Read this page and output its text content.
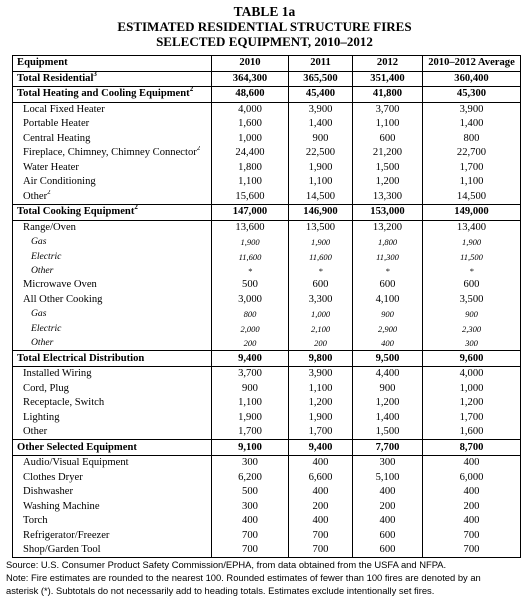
TABLE 1a
ESTIMATED RESIDENTIAL STRUCTURE FIRES
SELECTED EQUIPMENT, 2010–2012
Equipment	2010	2011	2012	2010–2012 Average
Total Residential$^3$	364,300	365,500	351,400	360,400
Total Heating and Cooling Equipment$^2$	48,600	45,400	41,800	45,300
Local Fixed Heater	4,000	3,900	3,700	3,900
Portable Heater	1,600	1,400	1,100	1,400
Central Heating	1,000	900	600	800
Fireplace, Chimney, Chimney Connector$^2$	24,400	22,500	21,200	22,700
Water Heater	1,800	1,900	1,500	1,700
Air Conditioning	1,100	1,100	1,200	1,100
Other$^2$	15,600	14,500	13,300	14,500
Total Cooking Equipment$^2$	147,000	146,900	153,000	149,000
Range/Oven	13,600	13,500	13,200	13,400
Gas	1,900	1,900	1,800	1,900
Electric	11,600	11,600	11,300	11,500
Other	*	*	*	*
Microwave Oven	500	600	600	600
All Other Cooking	3,000	3,300	4,100	3,500
Gas	800	1,000	900	900
Electric	2,000	2,100	2,900	2,300
Other	200	200	400	300
Total Electrical Distribution	9,400	9,800	9,500	9,600
Installed Wiring	3,700	3,900	4,400	4,000
Cord, Plug	900	1,100	900	1,000
Receptacle, Switch	1,100	1,200	1,200	1,200
Lighting	1,900	1,900	1,400	1,700
Other	1,700	1,700	1,500	1,600
Other Selected Equipment	9,100	9,400	7,700	8,700
Audio/Visual Equipment	300	400	300	400
Clothes Dryer	6,200	6,600	5,100	6,000
Dishwasher	500	400	400	400
Washing Machine	300	200	200	200
Torch	400	400	400	400
Refrigerator/Freezer	700	700	600	700
Shop/Garden Tool	700	700	600	700
Source: U.S. Consumer Product Safety Commission/EPHA, from data obtained from the USFA and NFPA.
Note: Fire estimates are rounded to the nearest 100. Rounded estimates of fewer than 100 fires are denoted by an
asterisk (*). Subtotals do not necessarily add to heading totals. Estimates exclude intentionally set fires.
